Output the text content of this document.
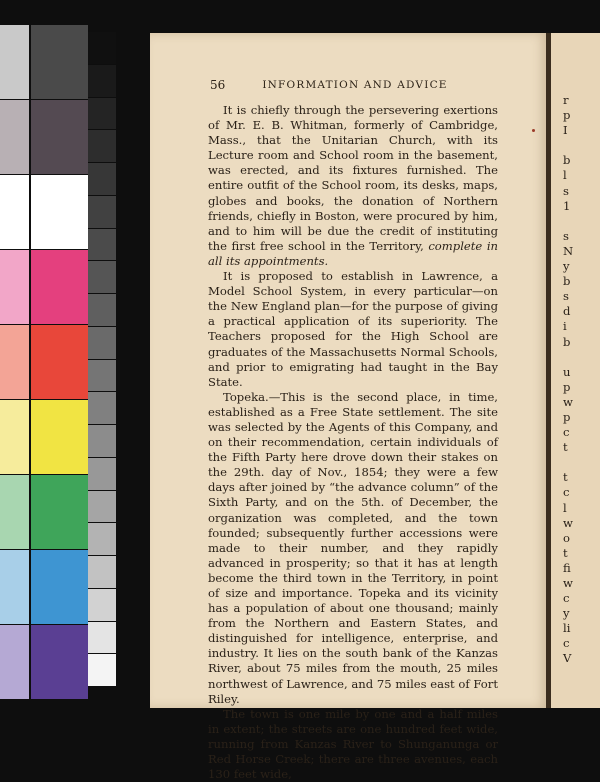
56	INFORMATION AND ADVICE

It is chiefly through the persevering exertions of Mr. E. B. Whitman, formerly of Cambridge, Mass., that the Unitarian Church, with its Lecture room and School room in the basement, was erected, and its fixtures furnished. The entire outfit of the School room, its desks, maps, globes and books, the donation of Northern friends, chiefly in Boston, were procured by him, and to him will be due the credit of instituting the first free school in the Territory, complete in all its appointments.

It is proposed to establish in Lawrence, a Model School System, in every particular—on the New England plan—for the purpose of giving a practical application of its superiority. The Teachers proposed for the High School are graduates of the Massachusetts Normal Schools, and prior to emigrating had taught in the Bay State.

Topeka.—This is the second place, in time, established as a Free State settlement. The site was selected by the Agents of this Company, and on their recommendation, certain individuals of the Fifth Party here drove down their stakes on the 29th. day of Nov., 1854; they were a few days after joined by “the advance column” of the Sixth Party, and on the 5th. of December, the organization was completed, and the town founded; subsequently further accessions were made to their number, and they rapidly advanced in prosperity; so that it has at length become the third town in the Territory, in point of size and importance. Topeka and its vicinity has a population of about one thousand; mainly from the Northern and Eastern States, and distinguished for intelligence, enterprise, and industry. It lies on the south bank of the Kanzas River, about 75 miles from the mouth, 25 miles northwest of Lawrence, and 75 miles east of Fort Riley.

The town is one mile by one and a half miles in extent; the streets are one hundred feet wide, running from Kanzas River to Shunganunga or Red Horse Creek; there are three avenues, each 130 feet wide,

r
p
I
b
l
s
1
s
N
y
b
s
d
i
b
u
p
w
p
c
t
t
c
l
w
o
t
fi
w
c
y
li
c
V
